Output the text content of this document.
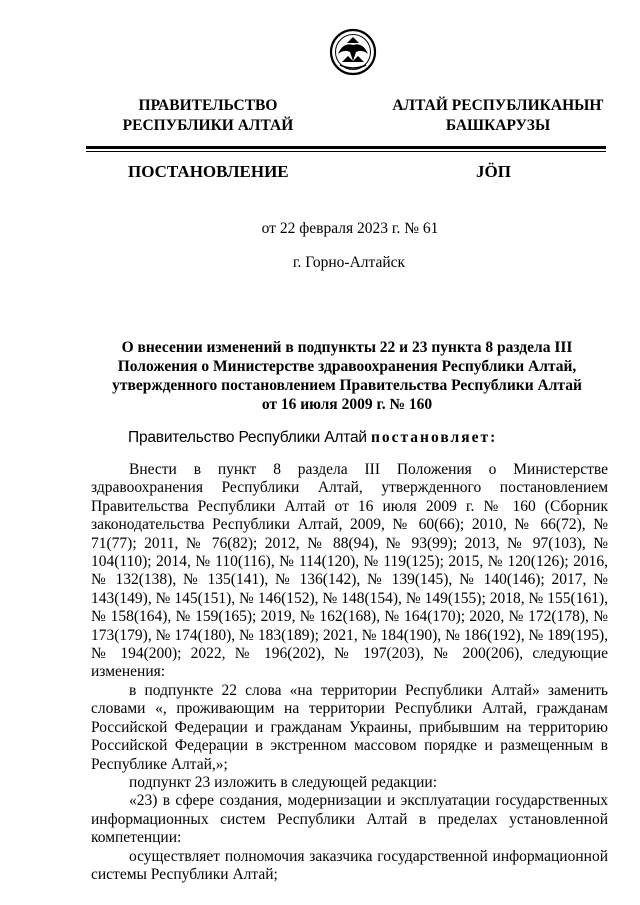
ПРАВИТЕЛЬСТВО
РЕСПУБЛИКИ АЛТАЙ
АЛТАЙ РЕСПУБЛИКАНЫҤ
БАШКАРУЗЫ
ПОСТАНОВЛЕНИЕ	JÖП
от 22 февраля 2023 г. № 61
г. Горно-Алтайск
О внесении изменений в подпункты 22 и 23 пункта 8 раздела III
Положения о Министерстве здравоохранения Республики Алтай,
утвержденного постановлением Правительства Республики Алтай
от 16 июля 2009 г. № 160
Правительство Республики Алтай постановляет:

Внести в пункт 8 раздела III Положения о Министерстве здравоохранения Республики Алтай, утвержденного постановлением Правительства Республики Алтай от 16 июля 2009 г. № 160 (Сборник законодательства Республики Алтай, 2009, № 60(66); 2010, № 66(72), № 71(77); 2011, № 76(82); 2012, № 88(94), № 93(99); 2013, № 97(103), № 104(110); 2014, № 110(116), № 114(120), № 119(125); 2015, № 120(126); 2016, № 132(138), № 135(141), № 136(142), № 139(145), № 140(146); 2017, № 143(149), № 145(151), № 146(152), № 148(154), № 149(155); 2018, № 155(161), № 158(164), № 159(165); 2019, № 162(168), № 164(170); 2020, № 172(178), № 173(179), № 174(180), № 183(189); 2021, № 184(190), № 186(192), № 189(195), № 194(200); 2022, № 196(202), № 197(203), № 200(206), следующие изменения:

в подпункте 22 слова «на территории Республики Алтай» заменить словами «, проживающим на территории Республики Алтай, гражданам Российской Федерации и гражданам Украины, прибывшим на территорию Российской Федерации в экстренном массовом порядке и размещенным в Республике Алтай,»;

подпункт 23 изложить в следующей редакции:

«23) в сфере создания, модернизации и эксплуатации государственных информационных систем Республики Алтай в пределах установленной компетенции:

осуществляет полномочия заказчика государственной информационной системы Республики Алтай;
